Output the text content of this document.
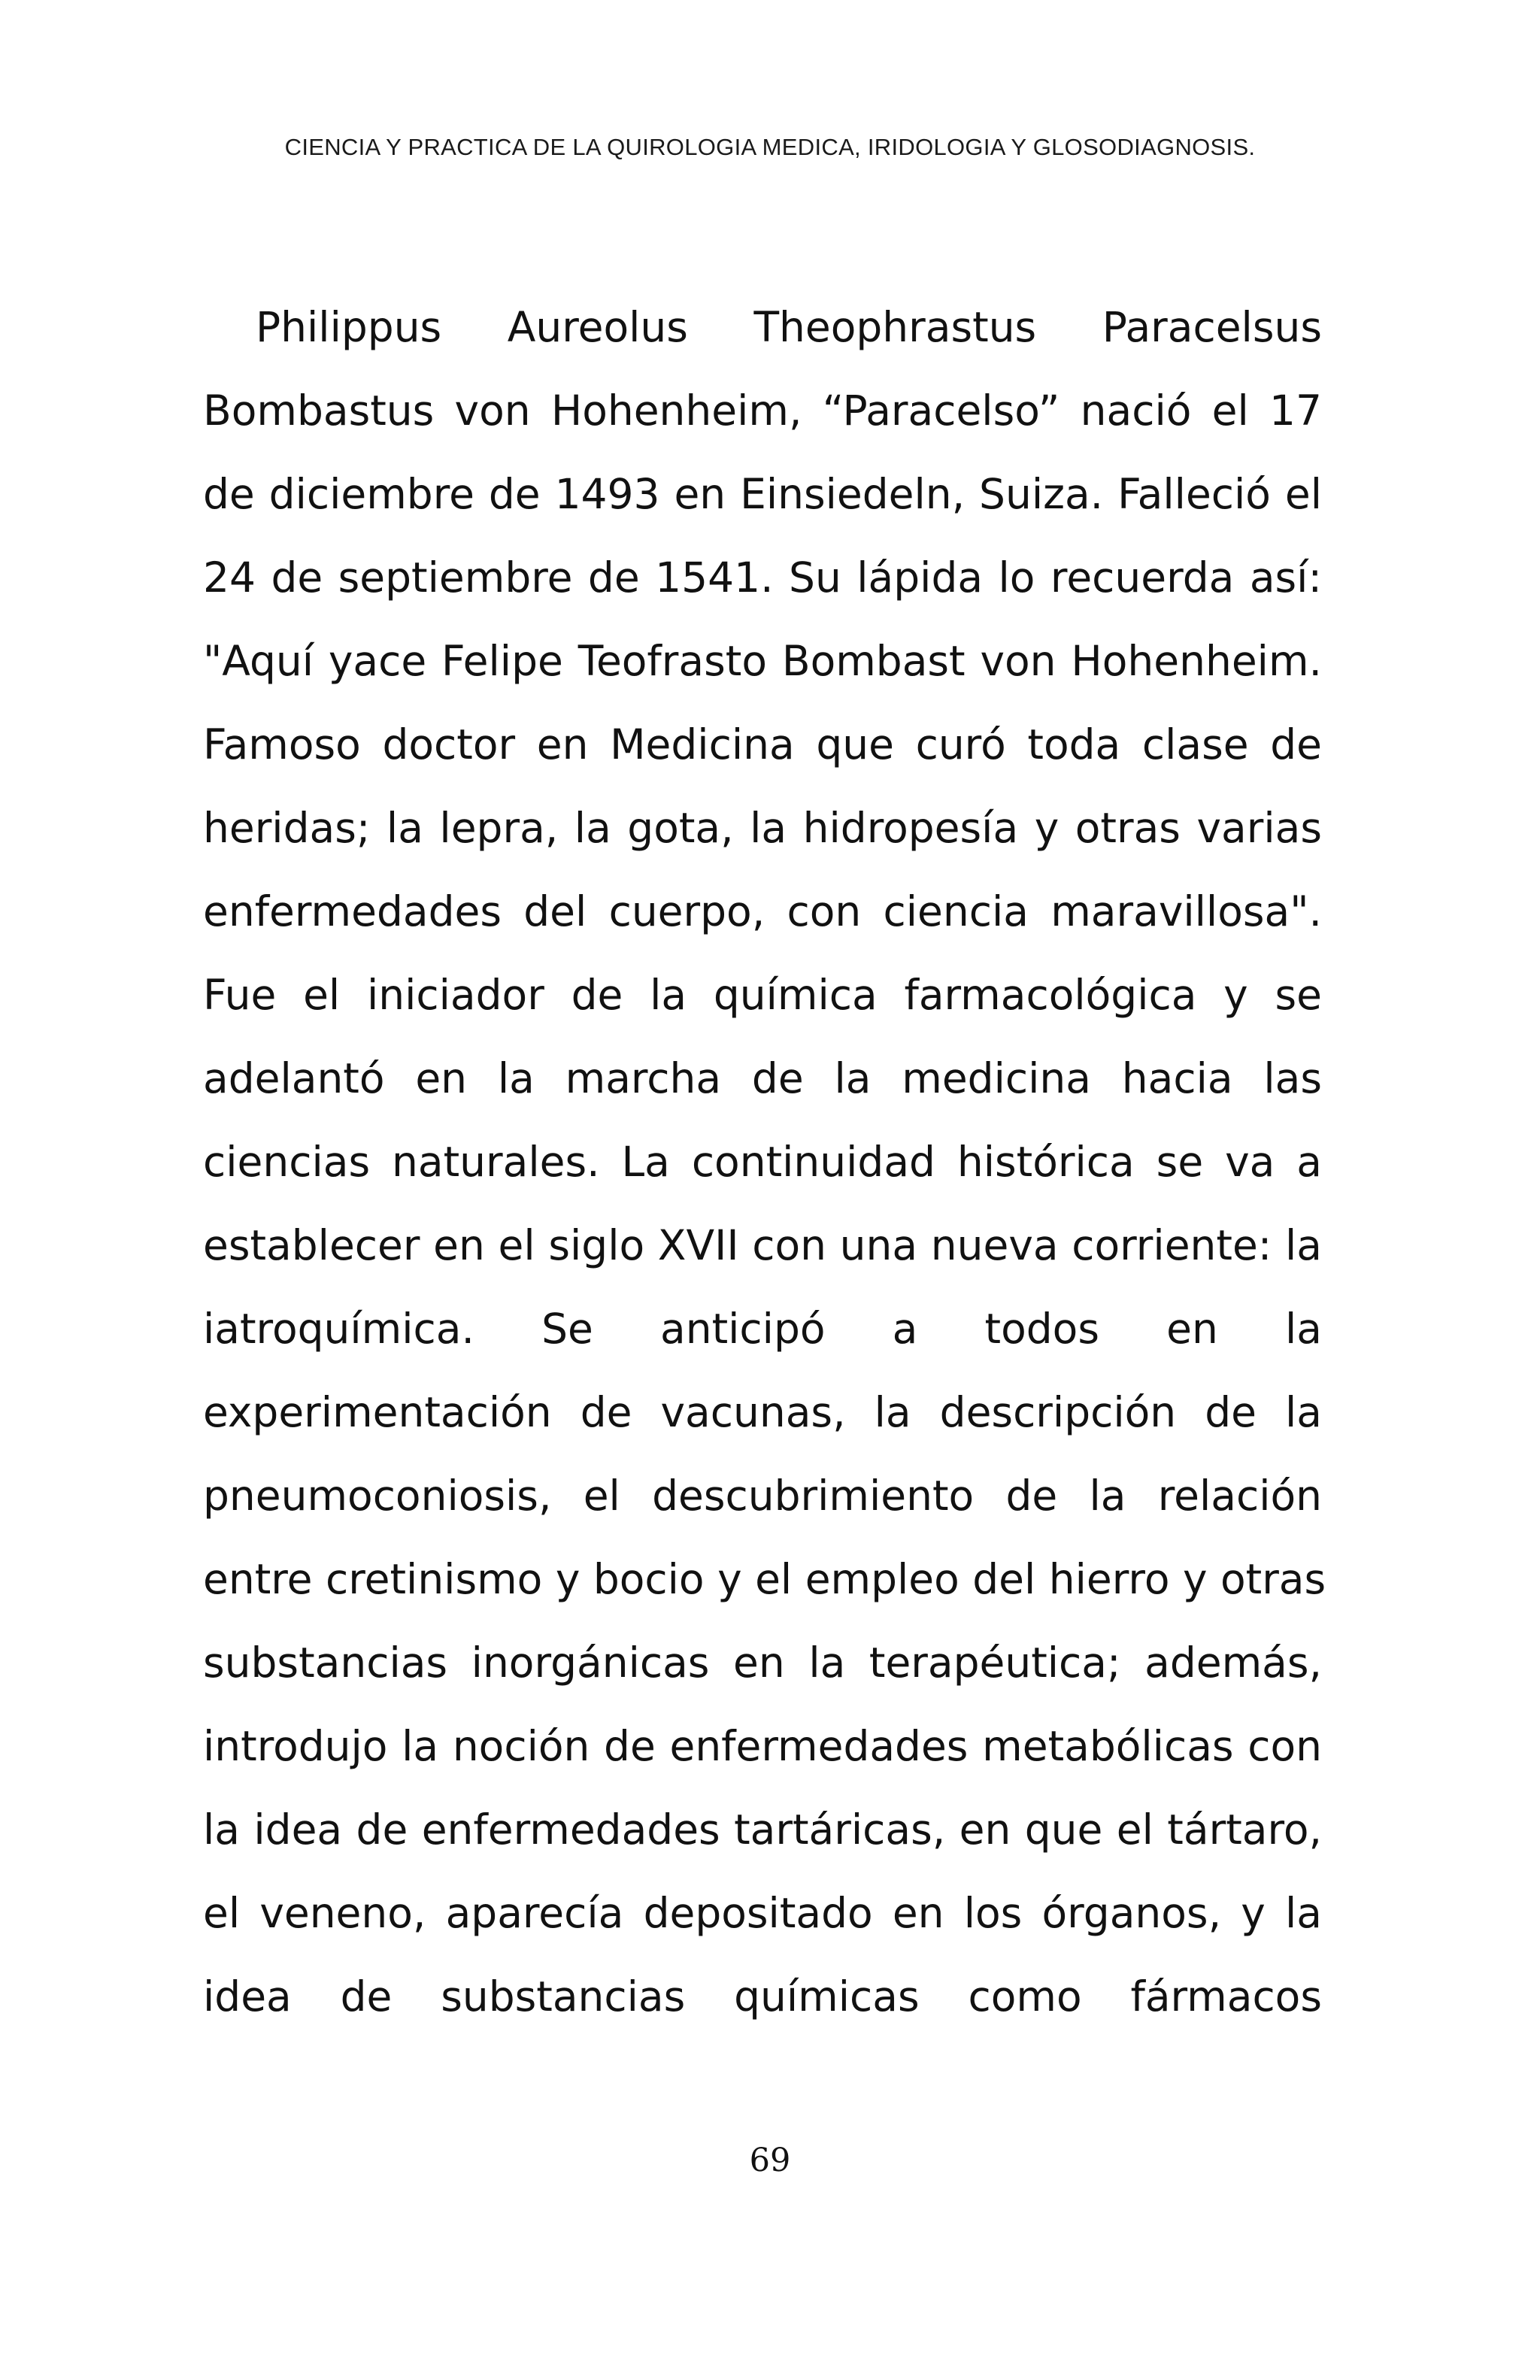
CIENCIA Y PRACTICA DE LA QUIROLOGIA MEDICA, IRIDOLOGIA Y GLOSODIAGNOSIS.
Philippus Aureolus Theophrastus Paracelsus
Bombastus von Hohenheim, “Paracelso” nació el 17
de diciembre de 1493 en Einsiedeln, Suiza. Falleció el
24 de septiembre de 1541. Su lápida lo recuerda así:
"Aquí yace Felipe Teofrasto Bombast von Hohenheim.
Famoso doctor en Medicina que curó toda clase de
heridas; la lepra, la gota, la hidropesía y otras varias
enfermedades del cuerpo, con ciencia maravillosa".
Fue el iniciador de la química farmacológica y se
adelantó en la marcha de la medicina hacia las
ciencias naturales. La continuidad histórica se va a
establecer en el siglo XVII con una nueva corriente: la
iatroquímica. Se anticipó a todos en la
experimentación de vacunas, la descripción de la
pneumoconiosis, el descubrimiento de la relación
entre cretinismo y bocio y el empleo del hierro y otras
substancias inorgánicas en la terapéutica; además,
introdujo la noción de enfermedades metabólicas con
la idea de enfermedades tartáricas, en que el tártaro,
el veneno, aparecía depositado en los órganos, y la
idea de substancias químicas como fármacos
69
